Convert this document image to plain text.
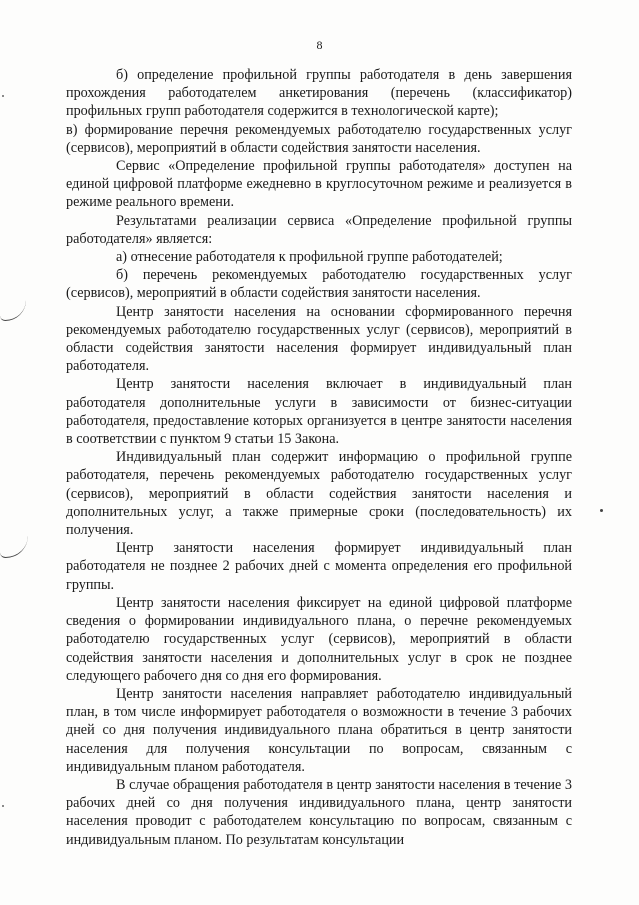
8

б) определение профильной группы работодателя в день завершения прохождения работодателем анкетирования (перечень (классификатор) профильных групп работодателя содержится в технологической карте);

в) формирование перечня рекомендуемых работодателю государственных услуг (сервисов), мероприятий в области содействия занятости населения.

Сервис «Определение профильной группы работодателя» доступен на единой цифровой платформе ежедневно в круглосуточном режиме и реализуется в режиме реального времени.

Результатами реализации сервиса «Определение профильной группы работодателя» является:

а) отнесение работодателя к профильной группе работодателей;

б) перечень рекомендуемых работодателю государственных услуг (сервисов), мероприятий в области содействия занятости населения.

Центр занятости населения на основании сформированного перечня рекомендуемых работодателю государственных услуг (сервисов), мероприятий в области содействия занятости населения формирует индивидуальный план работодателя.

Центр занятости населения включает в индивидуальный план работодателя дополнительные услуги в зависимости от бизнес-ситуации работодателя, предоставление которых организуется в центре занятости населения в соответствии с пунктом 9 статьи 15 Закона.

Индивидуальный план содержит информацию о профильной группе работодателя, перечень рекомендуемых работодателю государственных услуг (сервисов), мероприятий в области содействия занятости населения и дополнительных услуг, а также примерные сроки (последовательность) их получения.

Центр занятости населения формирует индивидуальный план работодателя не позднее 2 рабочих дней с момента определения его профильной группы.

Центр занятости населения фиксирует на единой цифровой платформе сведения о формировании индивидуального плана, о перечне рекомендуемых работодателю государственных услуг (сервисов), мероприятий в области содействия занятости населения и дополнительных услуг в срок не позднее следующего рабочего дня со дня его формирования.

Центр занятости населения направляет работодателю индивидуальный план, в том числе информирует работодателя о возможности в течение 3 рабочих дней со дня получения индивидуального плана обратиться в центр занятости населения для получения консультации по вопросам, связанным с индивидуальным планом работодателя.

В случае обращения работодателя в центр занятости населения в течение 3 рабочих дней со дня получения индивидуального плана, центр занятости населения проводит с работодателем консультацию по вопросам, связанным с индивидуальным планом. По результатам консультации
